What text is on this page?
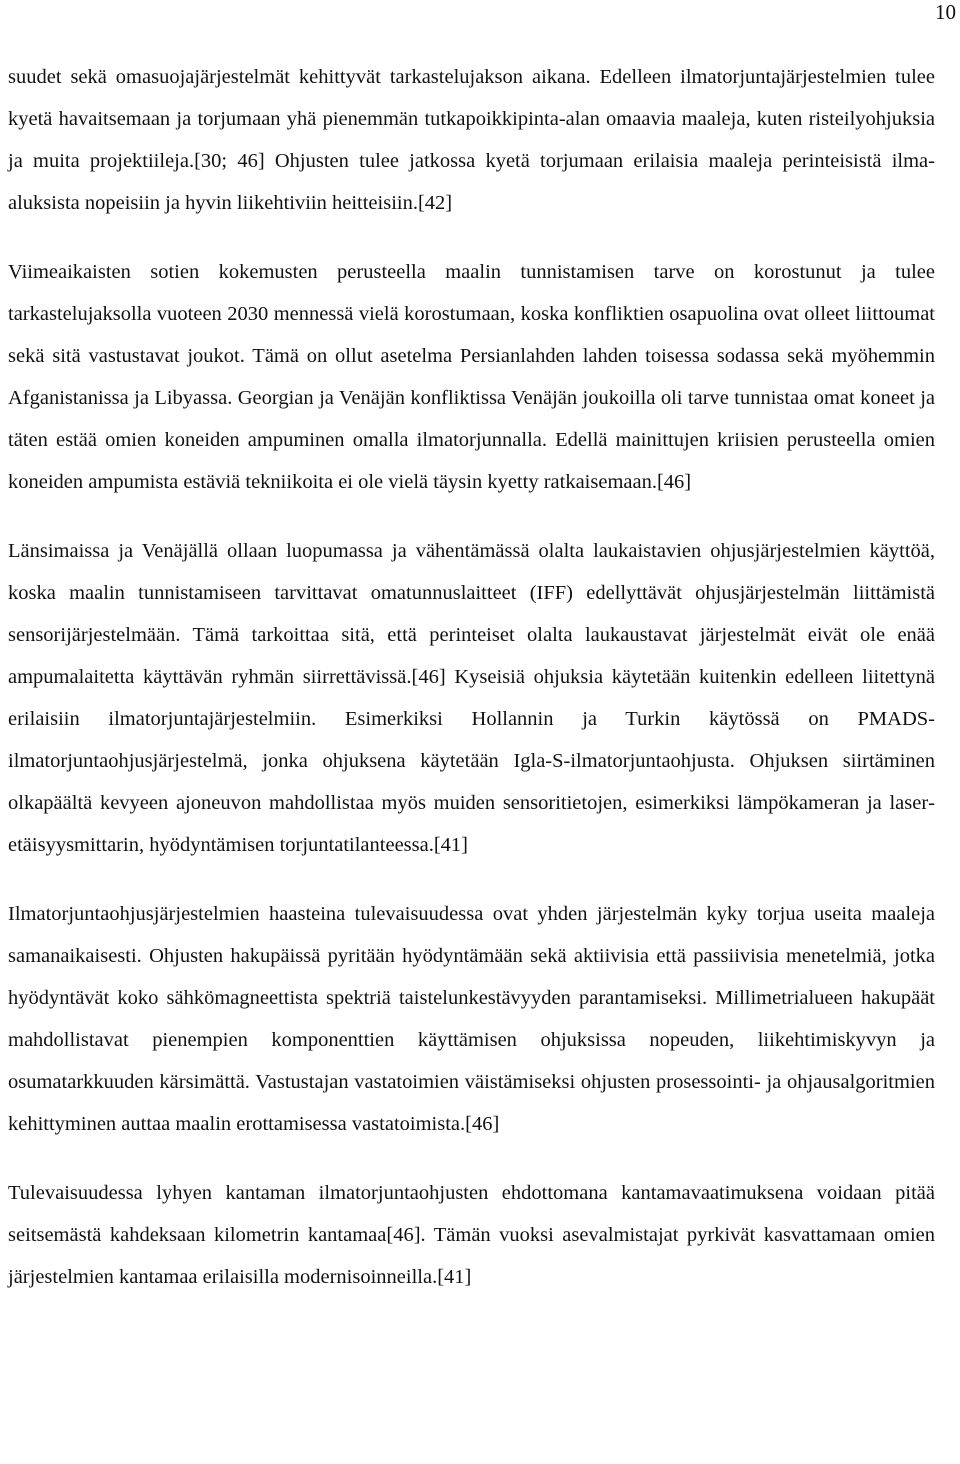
10

suudet sekä omasuojajärjestelmät kehittyvät tarkastelujakson aikana. Edelleen ilmatorjuntajärjestelmien tulee kyetä havaitsemaan ja torjumaan yhä pienemmän tutkapoikkipinta-alan omaavia maaleja, kuten risteilyohjuksia ja muita projektiileja.[30; 46] Ohjusten tulee jatkossa kyetä torjumaan erilaisia maaleja perinteisistä ilma-aluksista nopeisiin ja hyvin liikehtiviin heitteisiin.[42]

Viimeaikaisten sotien kokemusten perusteella maalin tunnistamisen tarve on korostunut ja tulee tarkastelujaksolla vuoteen 2030 mennessä vielä korostumaan, koska konfliktien osapuolina ovat olleet liittoumat sekä sitä vastustavat joukot. Tämä on ollut asetelma Persianlahden lahden toisessa sodassa sekä myöhemmin Afganistanissa ja Libyassa. Georgian ja Venäjän konfliktissa Venäjän joukoilla oli tarve tunnistaa omat koneet ja täten estää omien koneiden ampuminen omalla ilmatorjunnalla. Edellä mainittujen kriisien perusteella omien koneiden ampumista estäviä tekniikoita ei ole vielä täysin kyetty ratkaisemaan.[46]

Länsimaissa ja Venäjällä ollaan luopumassa ja vähentämässä olalta laukaistavien ohjusjärjestelmien käyttöä, koska maalin tunnistamiseen tarvittavat omatunnuslaitteet (IFF) edellyttävät ohjusjärjestelmän liittämistä sensorijärjestelmään. Tämä tarkoittaa sitä, että perinteiset olalta laukaustavat järjestelmät eivät ole enää ampumalaitetta käyttävän ryhmän siirrettävissä.[46] Kyseisiä ohjuksia käytetään kuitenkin edelleen liitettynä erilaisiin ilmatorjuntajärjestelmiin. Esimerkiksi Hollannin ja Turkin käytössä on PMADS-ilmatorjuntaohjusjärjestelmä, jonka ohjuksena käytetään Igla-S-ilmatorjuntaohjusta. Ohjuksen siirtäminen olkapäältä kevyeen ajoneuvon mahdollistaa myös muiden sensoritietojen, esimerkiksi lämpökameran ja laseretäisyysmittarin, hyödyntämisen torjuntatilanteessa.[41]

Ilmatorjuntaohjusjärjestelmien haasteina tulevaisuudessa ovat yhden järjestelmän kyky torjua useita maaleja samanaikaisesti. Ohjusten hakupäissä pyritään hyödyntämään sekä aktiivisia että passiivisia menetelmiä, jotka hyödyntävät koko sähkömagneettista spektriä taistelunkestävyyden parantamiseksi. Millimetrialueen hakupäät mahdollistavat pienempien komponenttien käyttämisen ohjuksissa nopeuden, liikehtimiskyvyn ja osumatarkkuuden kärsimättä. Vastustajan vastatoimien väistämiseksi ohjusten prosessointi- ja ohjausalgoritmien kehittyminen auttaa maalin erottamisessa vastatoimista.[46]

Tulevaisuudessa lyhyen kantaman ilmatorjuntaohjusten ehdottomana kantamavaatimuksena voidaan pitää seitsemästä kahdeksaan kilometrin kantamaa[46]. Tämän vuoksi asevalmistajat pyrkivät kasvattamaan omien järjestelmien kantamaa erilaisilla modernisoinneilla.[41]
